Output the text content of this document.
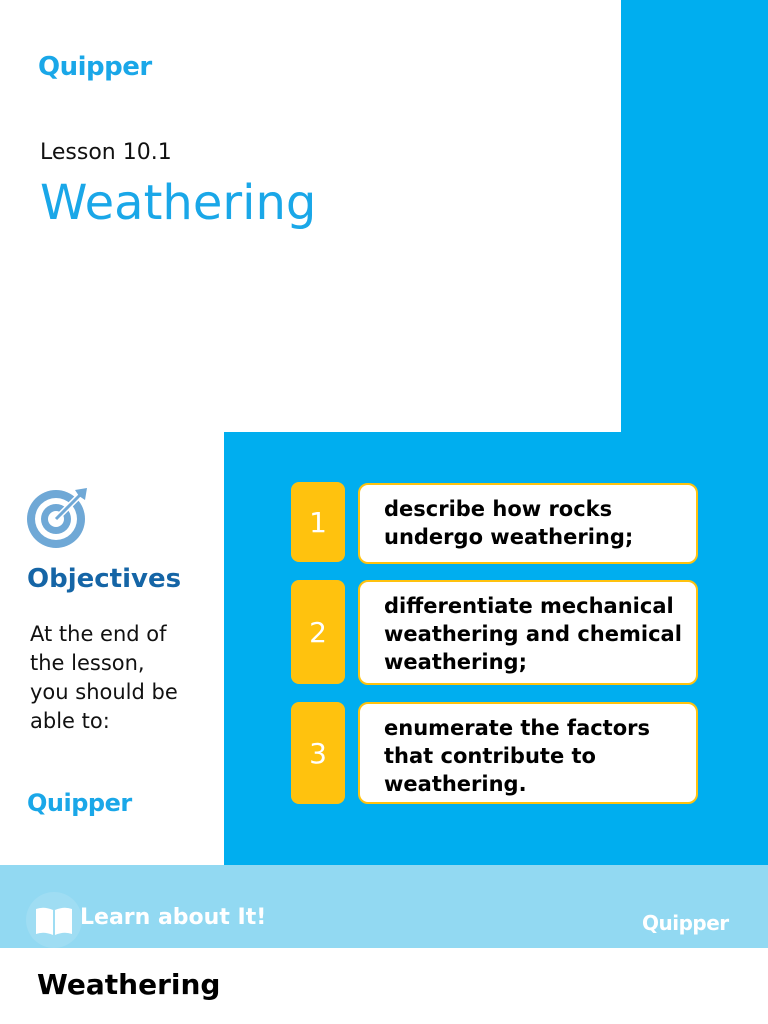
Quipper
Lesson 10.1
Weathering
Objectives
At the end of the lesson, you should be able to:
Quipper
1	describe how rocks undergo weathering;
2
differentiate mechanical weathering and chemical weathering;
3
enumerate the factors that contribute to weathering.
Learn about It!	Quipper
Weathering
